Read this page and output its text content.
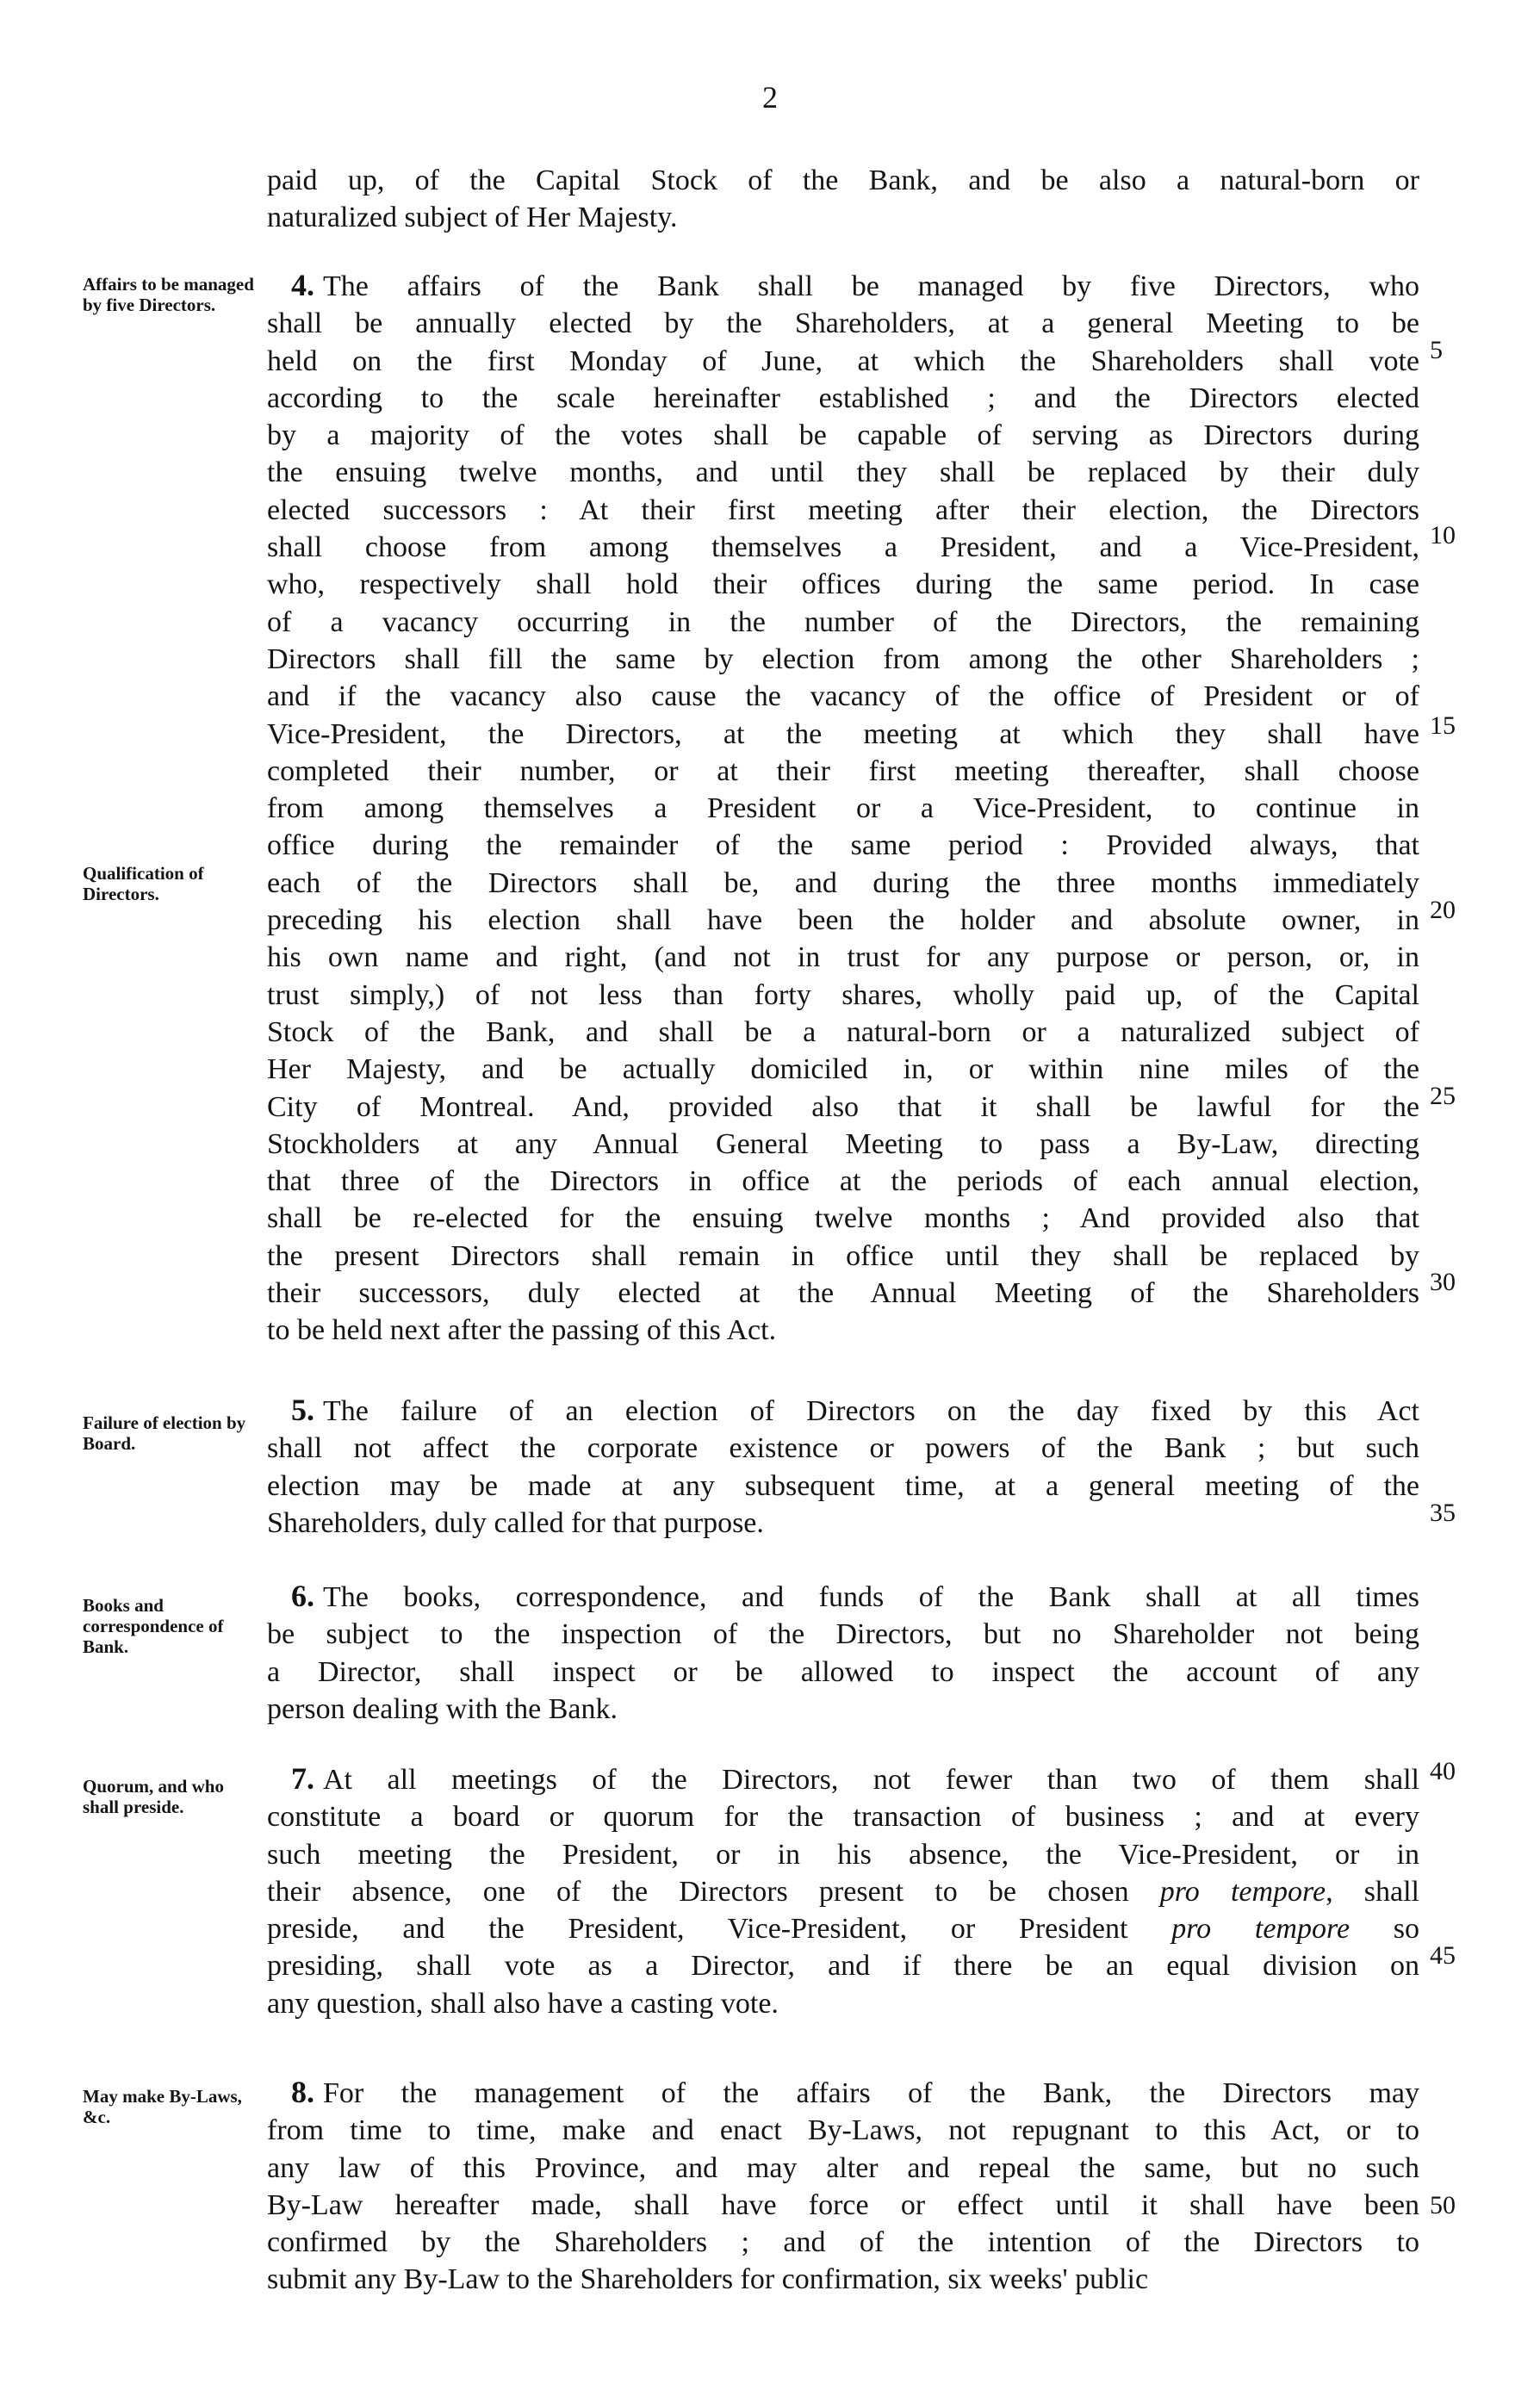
2
paid up, of the Capital Stock of the Bank, and be also a natural-born or
naturalized subject of Her Majesty.
Affairs to be managed by five Directors.
Qualification of Directors.
4. The affairs of the Bank shall be managed by five Directors, who
shall be annually elected by the Shareholders, at a general Meeting to be
held on the first Monday of June, at which the Shareholders shall vote
according to the scale hereinafter established ; and the Directors elected
by a majority of the votes shall be capable of serving as Directors during
the ensuing twelve months, and until they shall be replaced by their duly
elected successors : At their first meeting after their election, the Directors
shall choose from among themselves a President, and a Vice-President,
who, respectively shall hold their offices during the same period. In case
of a vacancy occurring in the number of the Directors, the remaining
Directors shall fill the same by election from among the other Shareholders ;
and if the vacancy also cause the vacancy of the office of President or of
Vice-President, the Directors, at the meeting at which they shall have
completed their number, or at their first meeting thereafter, shall choose
from among themselves a President or a Vice-President, to continue in
office during the remainder of the same period : Provided always, that
each of the Directors shall be, and during the three months immediately
preceding his election shall have been the holder and absolute owner, in
his own name and right, (and not in trust for any purpose or person, or, in
trust simply,) of not less than forty shares, wholly paid up, of the Capital
Stock of the Bank, and shall be a natural-born or a naturalized subject of
Her Majesty, and be actually domiciled in, or within nine miles of the
City of Montreal. And, provided also that it shall be lawful for the
Stockholders at any Annual General Meeting to pass a By-Law, directing
that three of the Directors in office at the periods of each annual election,
shall be re-elected for the ensuing twelve months ; And provided also that
the present Directors shall remain in office until they shall be replaced by
their successors, duly elected at the Annual Meeting of the Shareholders
to be held next after the passing of this Act.
Failure of election by Board.
5. The failure of an election of Directors on the day fixed by this Act
shall not affect the corporate existence or powers of the Bank ; but such
election may be made at any subsequent time, at a general meeting of the
Shareholders, duly called for that purpose.
Books and correspondence of Bank.
6. The books, correspondence, and funds of the Bank shall at all times
be subject to the inspection of the Directors, but no Shareholder not being
a Director, shall inspect or be allowed to inspect the account of any
person dealing with the Bank.
Quorum, and who shall preside.
7. At all meetings of the Directors, not fewer than two of them shall
constitute a board or quorum for the transaction of business ; and at every
such meeting the President, or in his absence, the Vice-President, or in
their absence, one of the Directors present to be chosen pro tempore, shall
preside, and the President, Vice-President, or President pro tempore so
presiding, shall vote as a Director, and if there be an equal division on
any question, shall also have a casting vote.
May make By-Laws, &c.
8. For the management of the affairs of the Bank, the Directors may
from time to time, make and enact By-Laws, not repugnant to this Act, or to
any law of this Province, and may alter and repeal the same, but no such
By-Law hereafter made, shall have force or effect until it shall have been
confirmed by the Shareholders ; and of the intention of the Directors to
submit any By-Law to the Shareholders for confirmation, six weeks' public
5
10
15
20
25
30
35
40
45
50
